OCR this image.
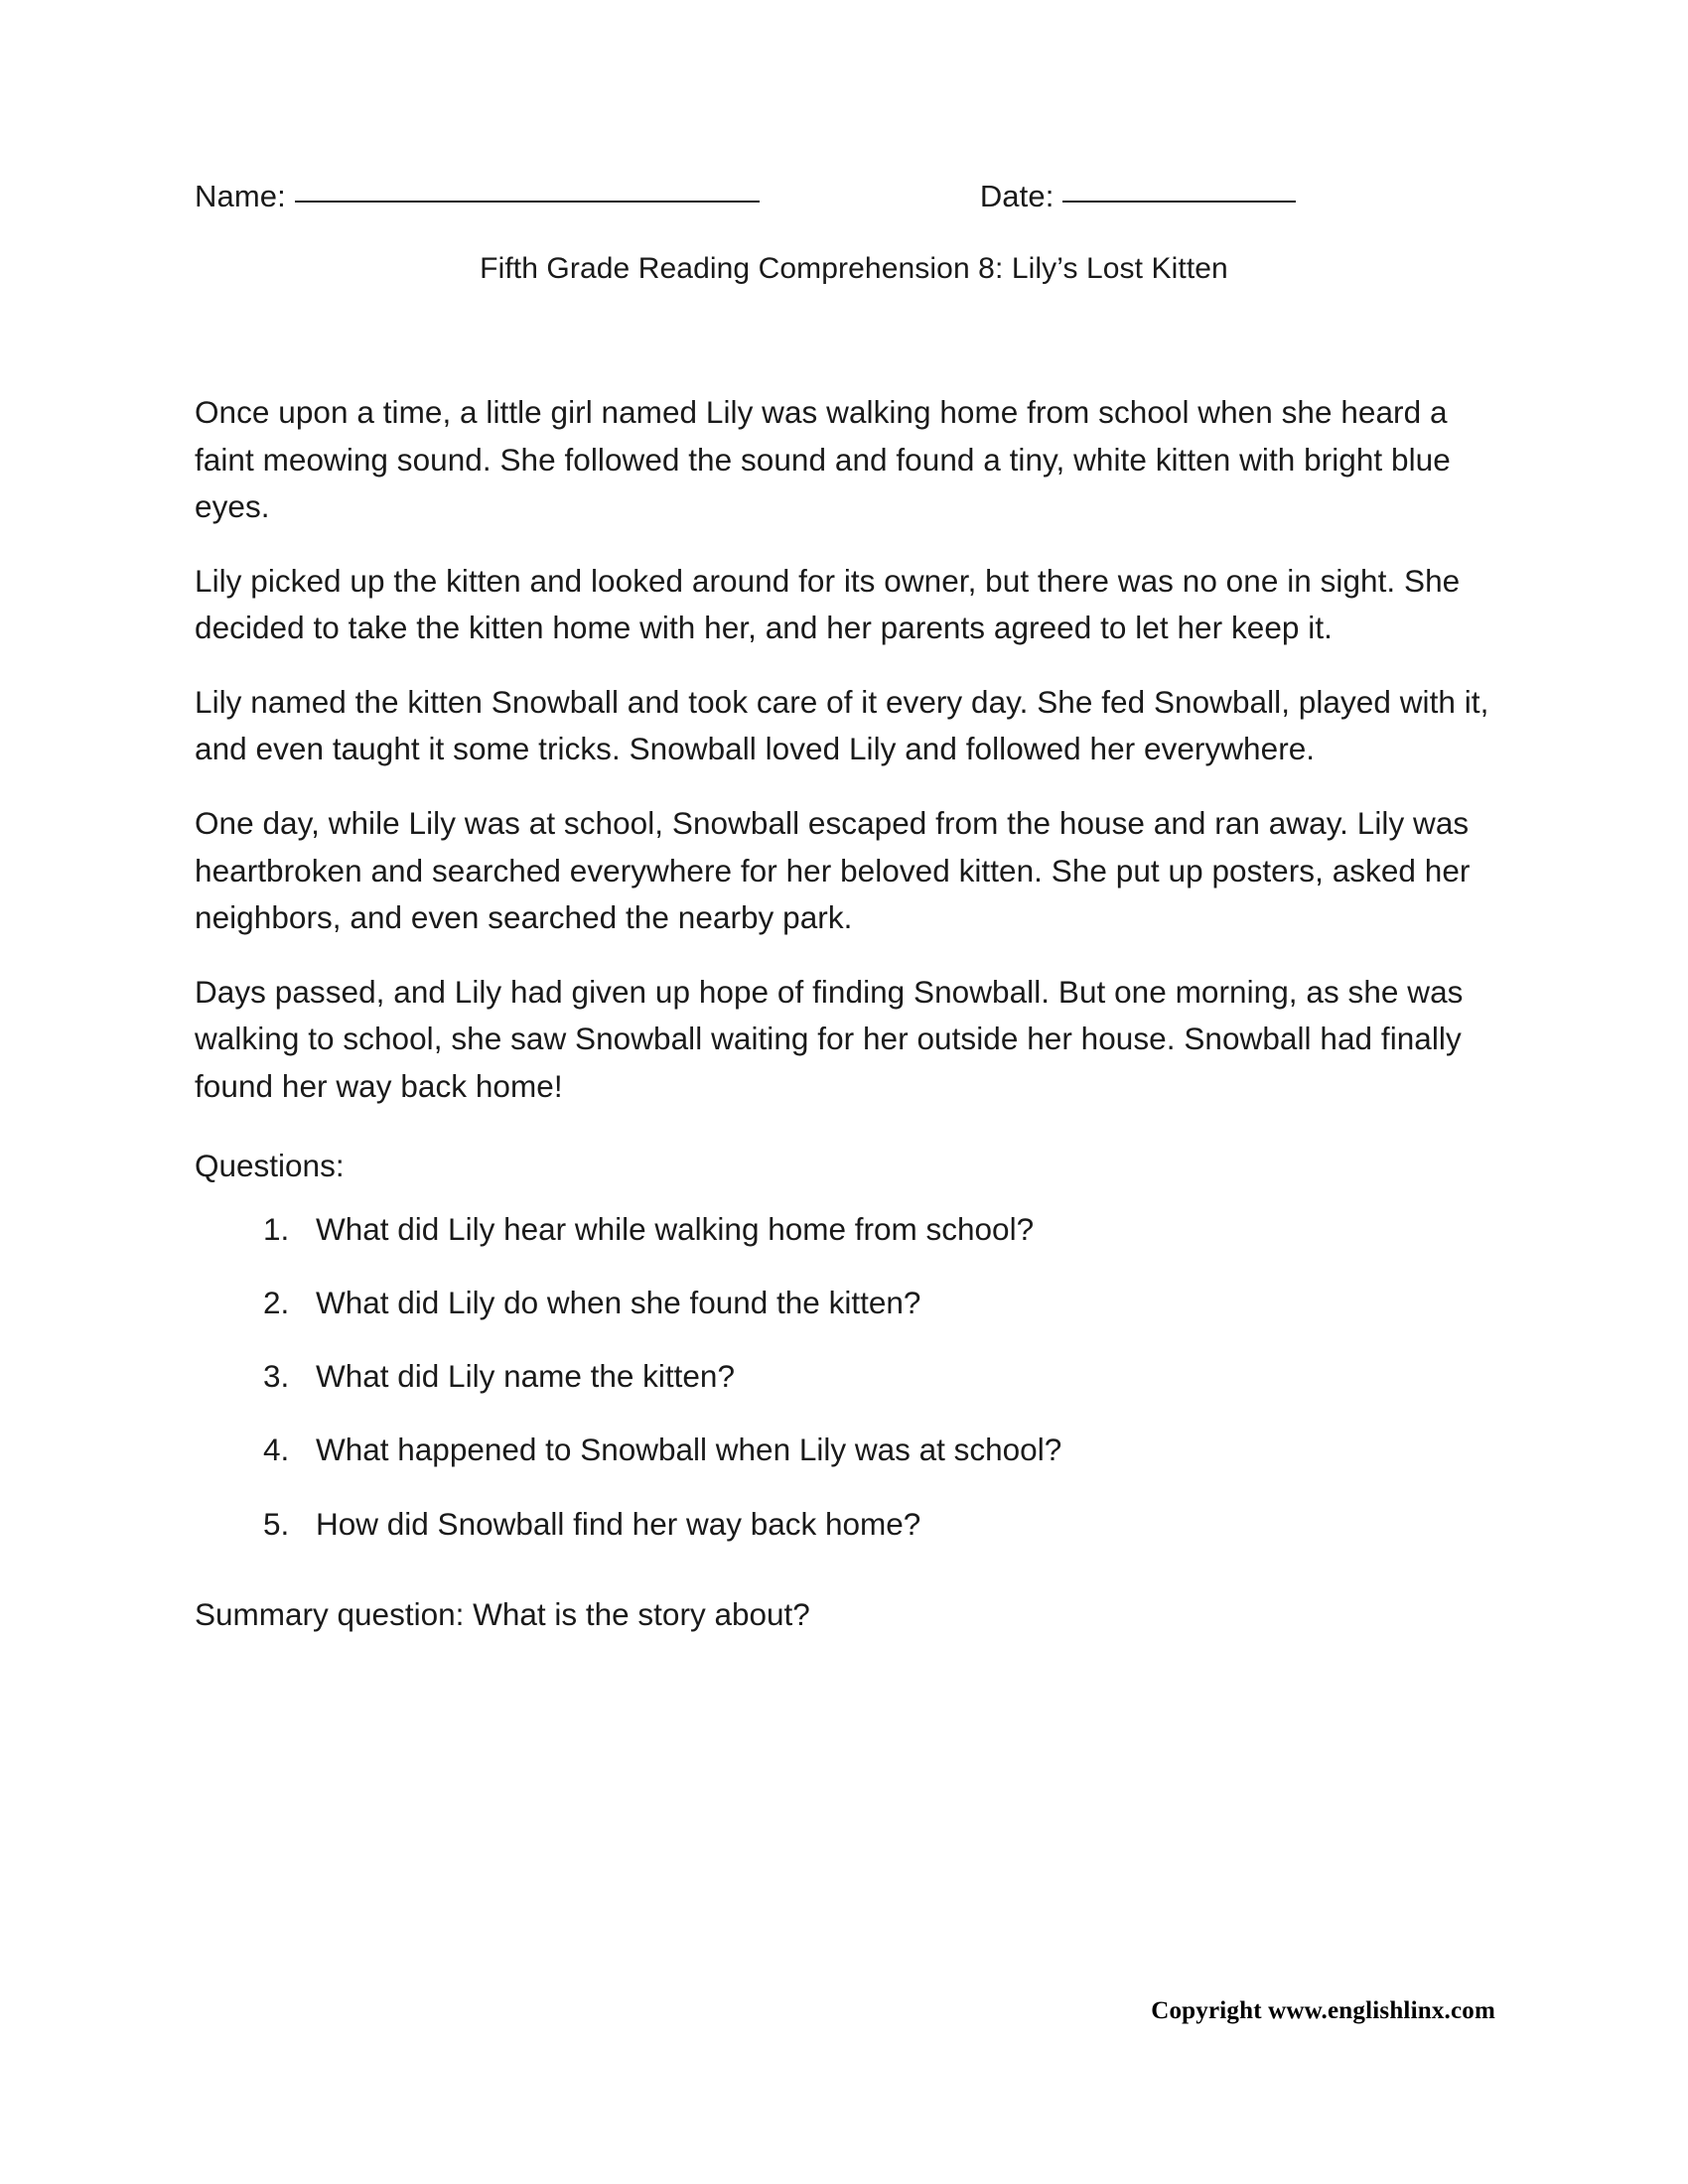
Name:	Date:
Fifth Grade Reading Comprehension 8: Lily’s Lost Kitten

Once upon a time, a little girl named Lily was walking home from school when she heard a faint meowing sound. She followed the sound and found a tiny, white kitten with bright blue eyes.

Lily picked up the kitten and looked around for its owner, but there was no one in sight. She decided to take the kitten home with her, and her parents agreed to let her keep it.

Lily named the kitten Snowball and took care of it every day. She fed Snowball, played with it, and even taught it some tricks. Snowball loved Lily and followed her everywhere.

One day, while Lily was at school, Snowball escaped from the house and ran away. Lily was heartbroken and searched everywhere for her beloved kitten. She put up posters, asked her neighbors, and even searched the nearby park.

Days passed, and Lily had given up hope of finding Snowball. But one morning, as she was walking to school, she saw Snowball waiting for her outside her house. Snowball had finally found her way back home!

Questions:
1. What did Lily hear while walking home from school?
2. What did Lily do when she found the kitten?
3. What did Lily name the kitten?
4. What happened to Snowball when Lily was at school?
5. How did Snowball find her way back home?
Summary question: What is the story about?
Copyright www.englishlinx.com
